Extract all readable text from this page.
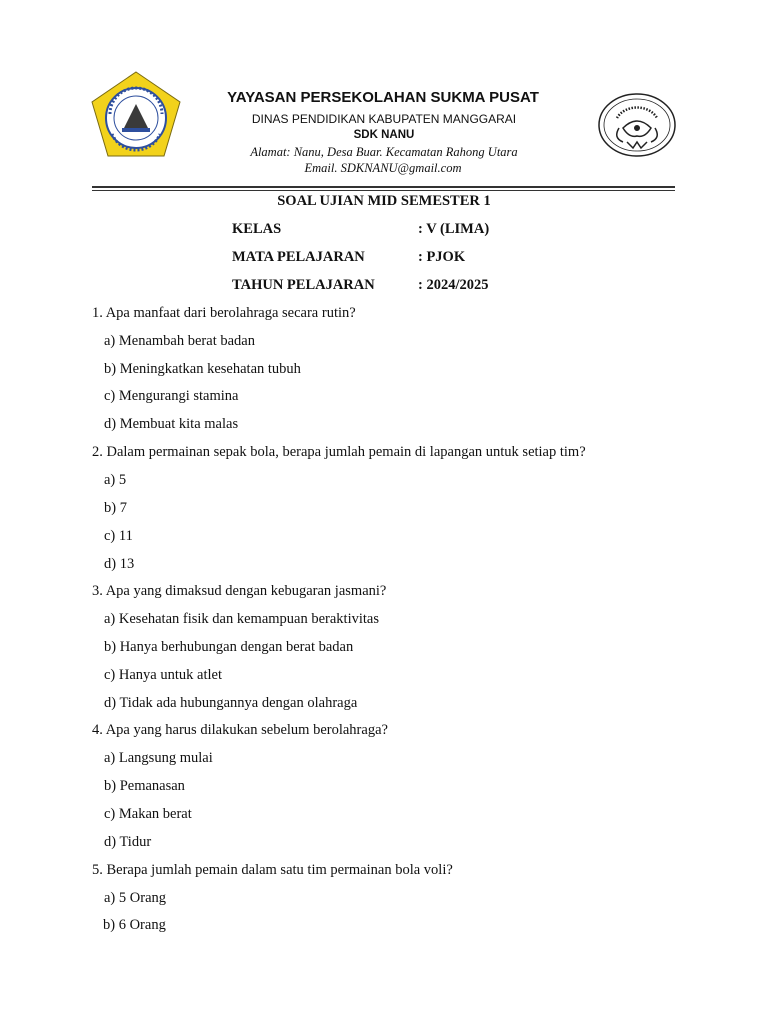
YAYASAN PERSEKOLAHAN SUKMA PUSAT
DINAS PENDIDIKAN KABUPATEN MANGGARAI
SDK NANU
Alamat: Nanu, Desa Buar. Kecamatan Rahong Utara
Email. SDKNANU@gmail.com
SOAL UJIAN MID SEMESTER 1
KELAS	: V (LIMA)
MATA PELAJARAN	: PJOK
TAHUN PELAJARAN	: 2024/2025
1. Apa manfaat dari berolahraga secara rutin?
a) Menambah berat badan
b) Meningkatkan kesehatan tubuh
c) Mengurangi stamina
d) Membuat kita malas
2. Dalam permainan sepak bola, berapa jumlah pemain di lapangan untuk setiap tim?
a) 5
b) 7
c) 11
d) 13
3. Apa yang dimaksud dengan kebugaran jasmani?
a) Kesehatan fisik dan kemampuan beraktivitas
b) Hanya berhubungan dengan berat badan
c) Hanya untuk atlet
d) Tidak ada hubungannya dengan olahraga
4. Apa yang harus dilakukan sebelum berolahraga?
a) Langsung mulai
b) Pemanasan
c) Makan berat
d) Tidur
5. Berapa jumlah pemain dalam satu tim permainan bola voli?
a) 5 Orang
b) 6 Orang
